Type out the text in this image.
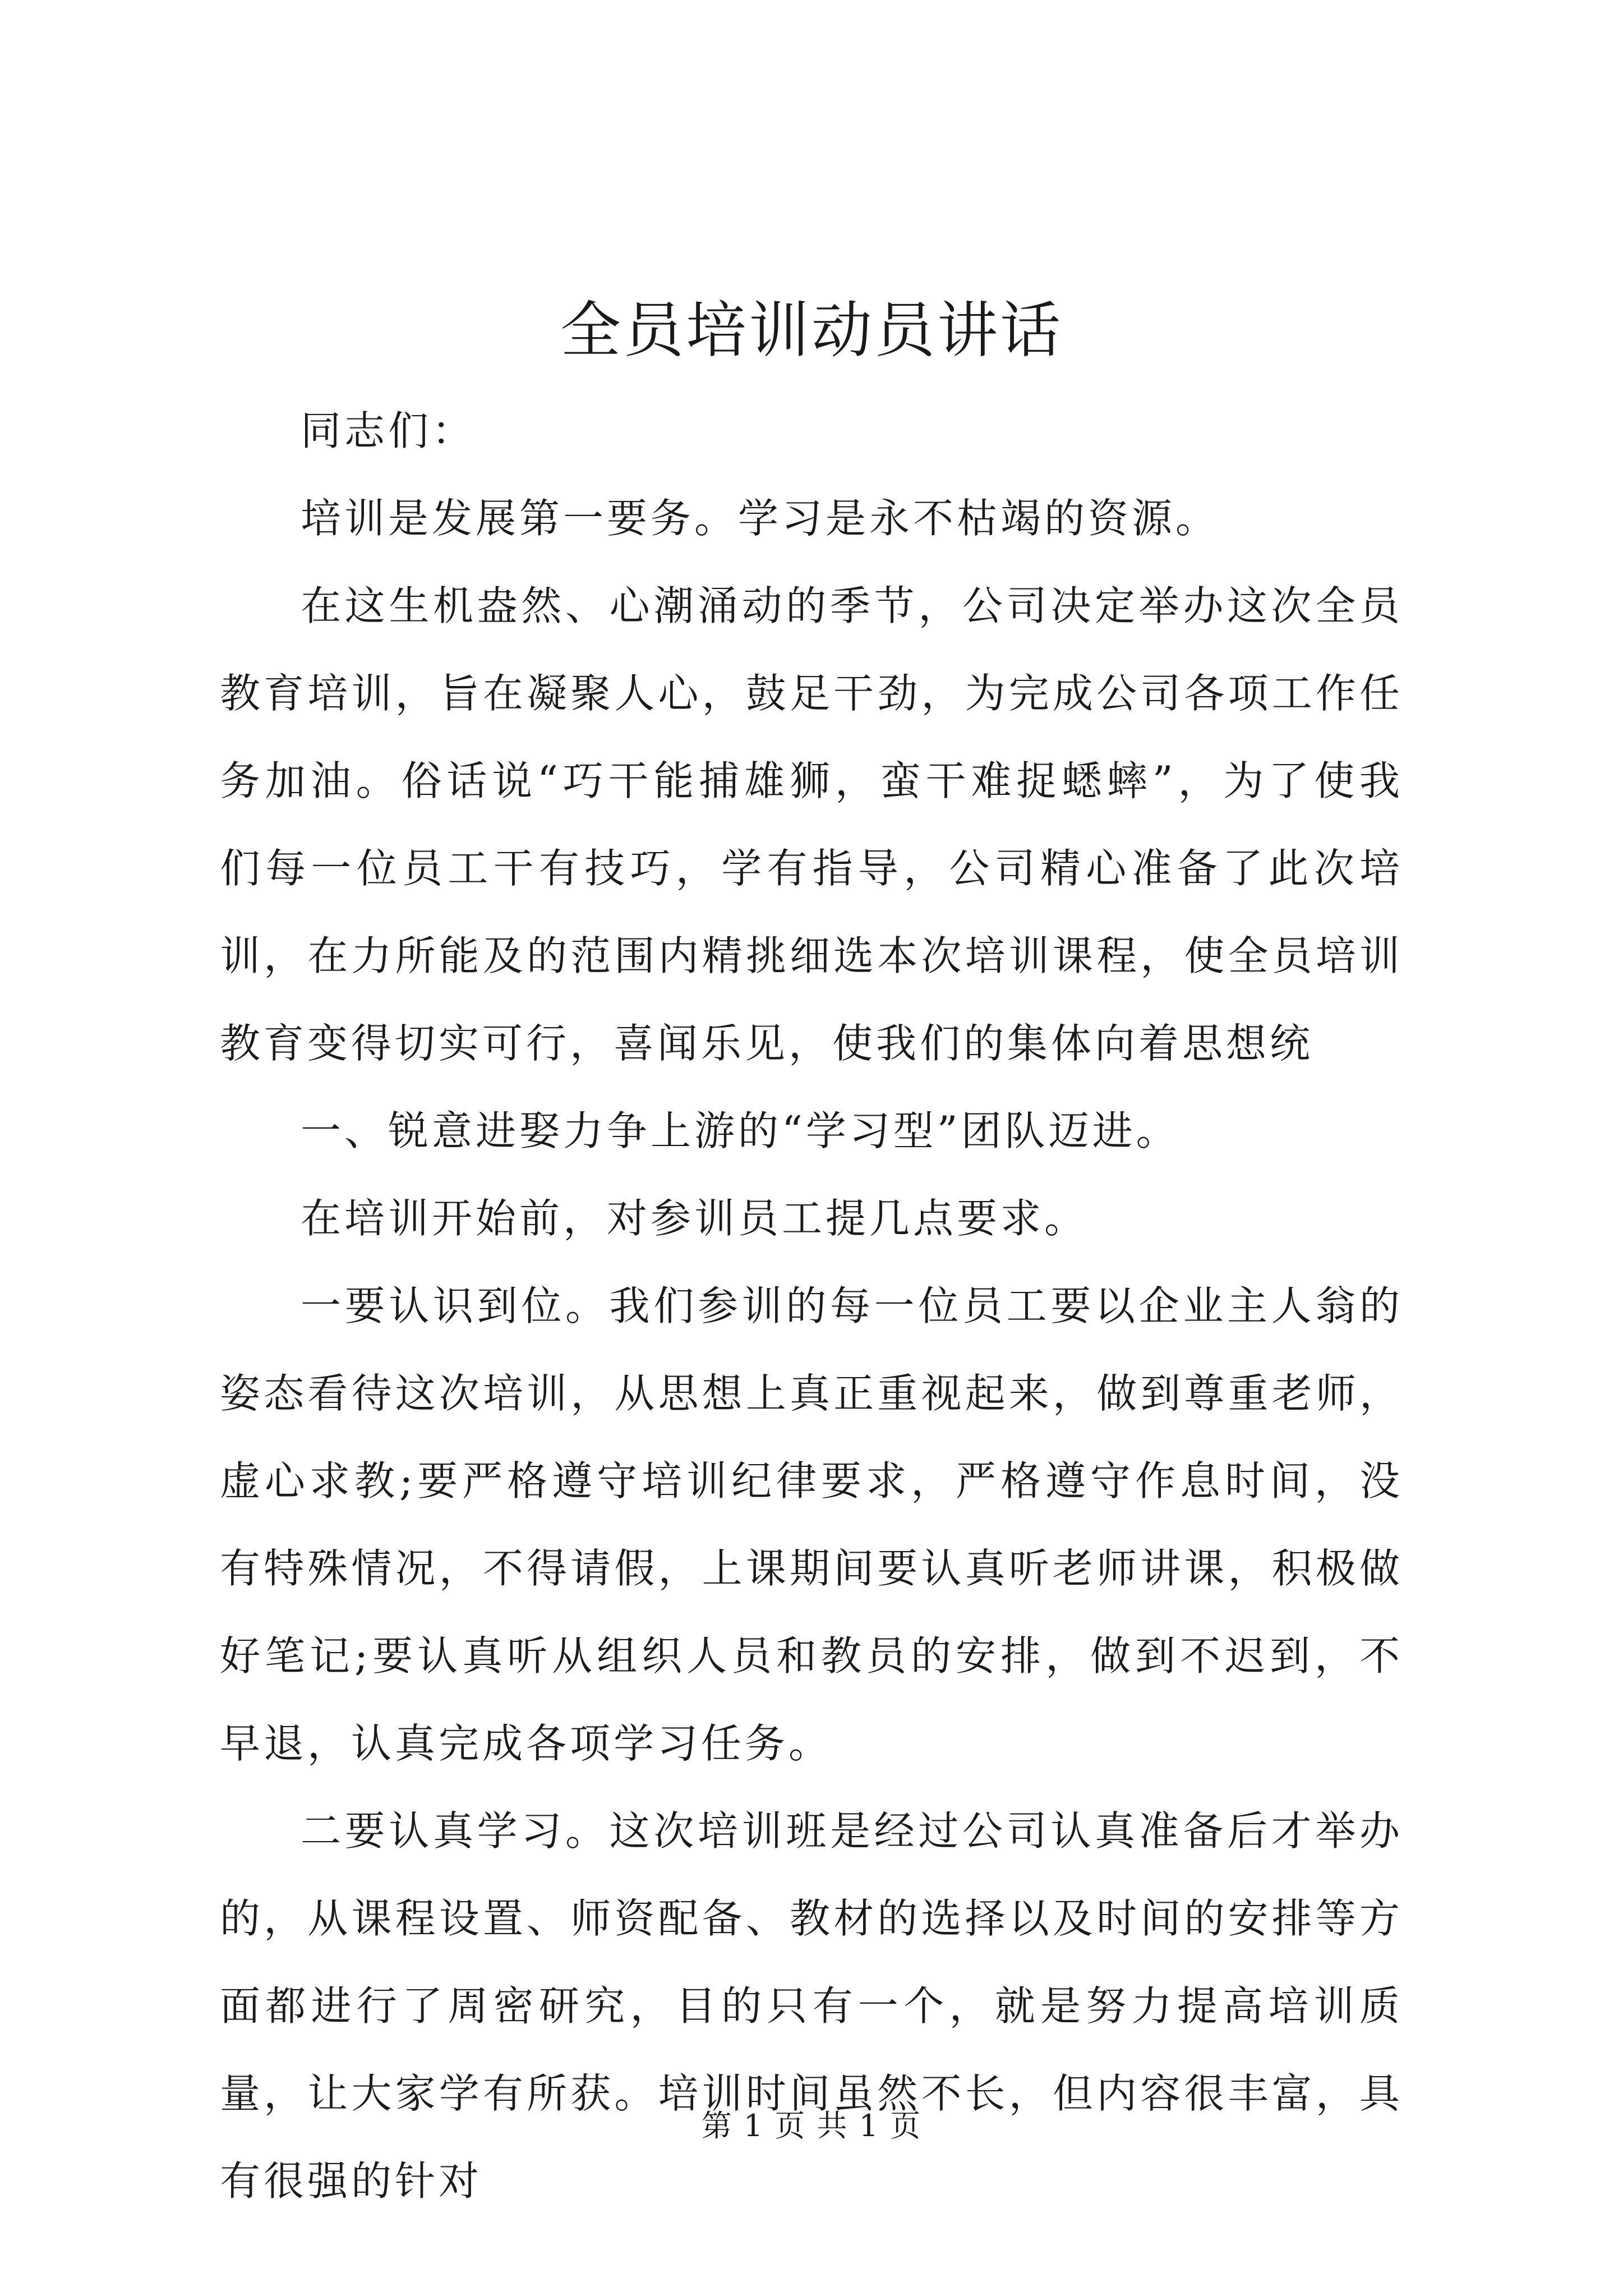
全员培训动员讲话

同志们：

培训是发展第一要务。学习是永不枯竭的资源。

在这生机盎然、心潮涌动的季节，公司决定举办这次全员教育培训，旨在凝聚人心，鼓足干劲，为完成公司各项工作任务加油。俗话说“巧干能捕雄狮，蛮干难捉蟋蟀”，为了使我们每一位员工干有技巧，学有指导，公司精心准备了此次培训，在力所能及的范围内精挑细选本次培训课程，使全员培训教育变得切实可行，喜闻乐见，使我们的集体向着思想统

一、锐意进娶力争上游的“学习型”团队迈进。

在培训开始前，对参训员工提几点要求。

一要认识到位。我们参训的每一位员工要以企业主人翁的姿态看待这次培训，从思想上真正重视起来，做到尊重老师，虚心求教;要严格遵守培训纪律要求，严格遵守作息时间，没有特殊情况，不得请假，上课期间要认真听老师讲课，积极做好笔记;要认真听从组织人员和教员的安排，做到不迟到，不早退，认真完成各项学习任务。

二要认真学习。这次培训班是经过公司认真准备后才举办的，从课程设置、师资配备、教材的选择以及时间的安排等方面都进行了周密研究，目的只有一个，就是努力提高培训质量，让大家学有所获。培训时间虽然不长，但内容很丰富，具有很强的针对

第 1 页 共 1 页
